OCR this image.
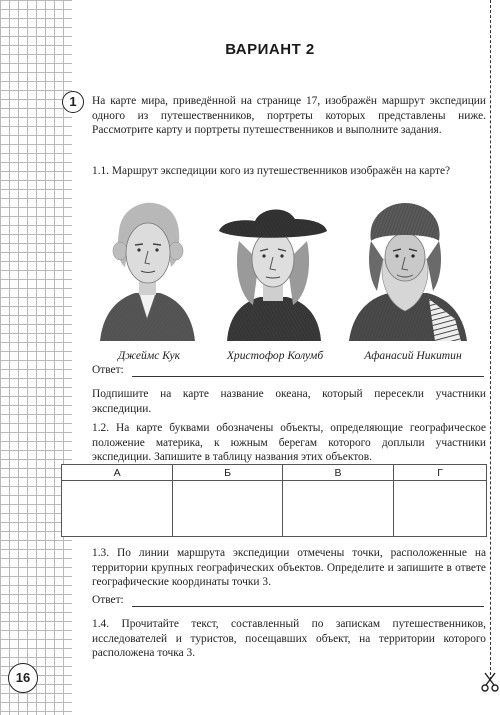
ВАРИАНТ 2
1	На карте мира, приведённой на странице 17, изображён маршрут экспедиции одного из путешественников, портреты которых представлены ниже. Рассмотрите карту и портреты путешественников и выполните задания.
1.1. Маршрут экспедиции кого из путешественников изображён на карте?
Джеймс Кук	Христофор Колумб	Афанасий Никитин
Ответ:
Подпишите на карте название океана, который пересекли участники экспедиции.
1.2. На карте буквами обозначены объекты, определяющие географическое положение материка, к южным берегам которого доплыли участники экспедиции. Запишите в таблицу названия этих объектов.
А	Б	В	Г

1.3. По линии маршрута экспедиции отмечены точки, расположенные на территории крупных географических объектов. Определите и запишите в ответе географические координаты точки 3.
Ответ:
1.4. Прочитайте текст, составленный по запискам путешественников, исследователей и туристов, посещавших объект, на территории которого расположена точка 3.
16
